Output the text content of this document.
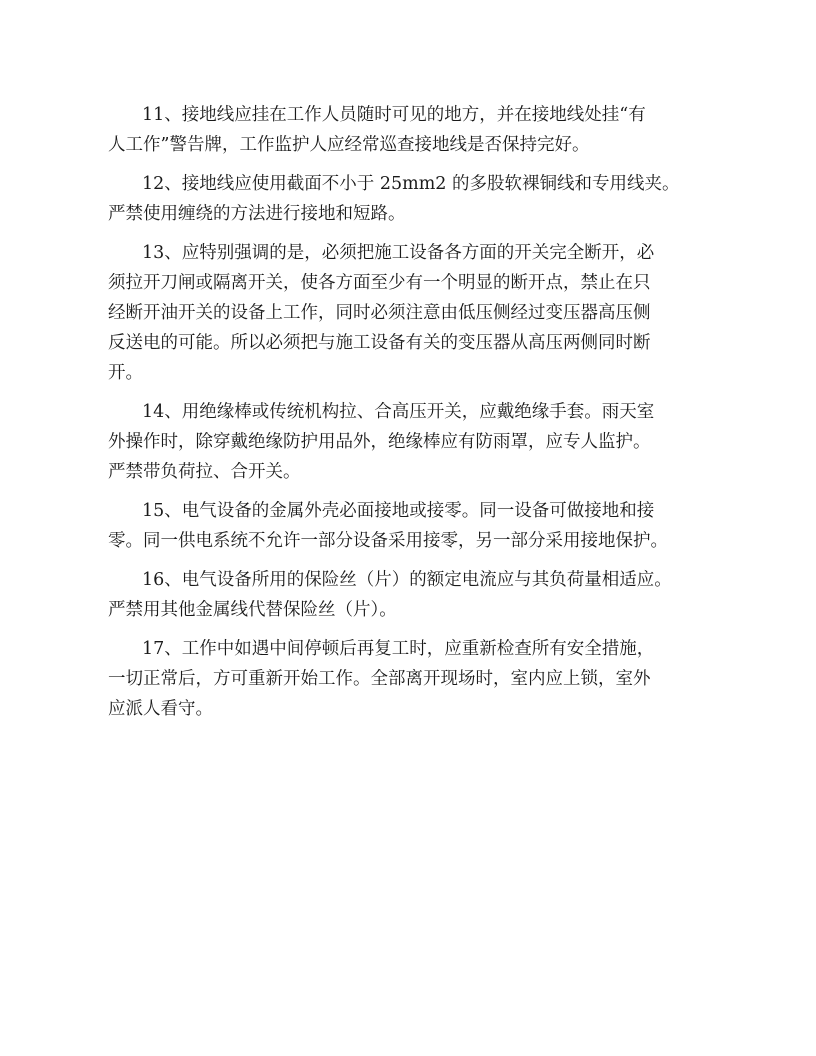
11、接地线应挂在工作人员随时可见的地方，并在接地线处挂“有
人工作”警告牌，工作监护人应经常巡查接地线是否保持完好。
12、接地线应使用截面不小于 25mm2 的多股软裸铜线和专用线夹。
严禁使用缠绕的方法进行接地和短路。
13、应特别强调的是，必须把施工设备各方面的开关完全断开，必
须拉开刀闸或隔离开关，使各方面至少有一个明显的断开点，禁止在只
经断开油开关的设备上工作，同时必须注意由低压侧经过变压器高压侧
反送电的可能。所以必须把与施工设备有关的变压器从高压两侧同时断
开。
14、用绝缘棒或传统机构拉、合高压开关，应戴绝缘手套。雨天室
外操作时，除穿戴绝缘防护用品外，绝缘棒应有防雨罩，应专人监护。
严禁带负荷拉、合开关。
15、电气设备的金属外壳必面接地或接零。同一设备可做接地和接
零。同一供电系统不允许一部分设备采用接零，另一部分采用接地保护。
16、电气设备所用的保险丝（片）的额定电流应与其负荷量相适应。
严禁用其他金属线代替保险丝（片）。
17、工作中如遇中间停顿后再复工时，应重新检查所有安全措施，
一切正常后，方可重新开始工作。全部离开现场时，室内应上锁，室外
应派人看守。
